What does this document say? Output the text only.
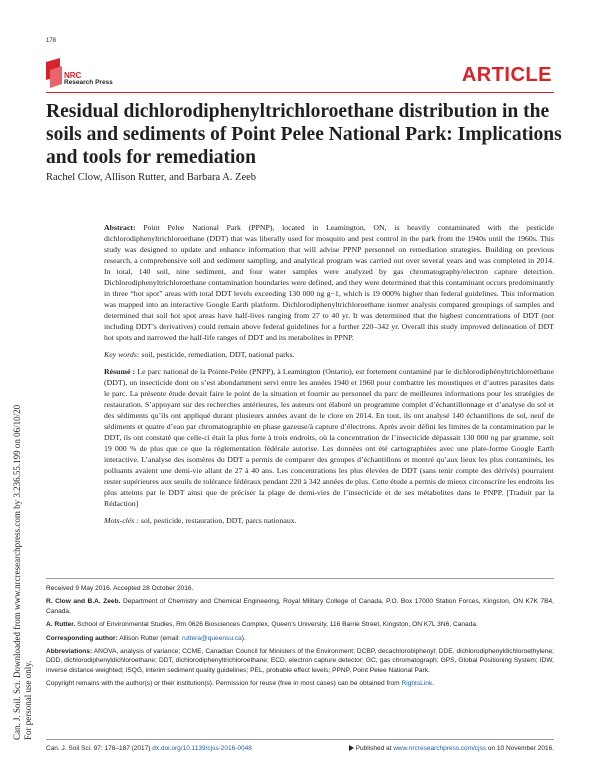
178
NRC
Research Press	ARTICLE
Residual dichlorodiphenyltrichloroethane distribution in the soils and sediments of Point Pelee National Park: Implications and tools for remediation
Rachel Clow, Allison Rutter, and Barbara A. Zeeb
Can. J. Soil. Sci. Downloaded from www.nrcresearchpress.com by 3.236.55.199 on 06/10/20 For personal use only.

Abstract: Point Pelee National Park (PPNP), located in Leamington, ON, is heavily contaminated with the pesticide dichlorodiphenyltrichloroethane (DDT) that was liberally used for mosquito and pest control in the park from the 1940s until the 1960s. This study was designed to update and enhance information that will advise PPNP personnel on remediation strategies. Building on previous research, a comprehensive soil and sediment sampling, and analytical program was carried out over several years and was completed in 2014. In total, 140 soil, nine sediment, and four water samples were analyzed by gas chromatography/electron capture detection. Dichlorodiphenyltrichloroethane contamination boundaries were defined, and they were determined that this contaminant occurs predominantly in three “hot spot” areas with total DDT levels exceeding 130 000 ng g−1, which is 19 000% higher than federal guidelines. This information was mapped into an interactive Google Earth platform. Dichlorodiphenyltrichloroethane isomer analysis compared groupings of samples and determined that soil hot spot areas have half-lives ranging from 27 to 40 yr. It was determined that the highest concentrations of DDT (not including DDT’s derivatives) could remain above federal guidelines for a further 220–342 yr. Overall this study improved delineation of DDT hot spots and narrowed the half-life ranges of DDT and its metabolites in PPNP.

Key words: soil, pesticide, remediation, DDT, national parks.

Résumé : Le parc national de la Pointe-Pelée (PNPP), à Leamington (Ontario), est fortement contaminé par le dichlorodiphényltrichloroéthane (DDT), un insecticide dont on s’est abondamment servi entre les années 1940 et 1960 pour combattre les moustiques et d’autres parasites dans le parc. La présente étude devait faire le point de la situation et fournir au personnel du parc de meilleures informations pour les stratégies de restauration. S’appuyant sur des recherches antérieures, les auteurs ont élaboré un programme complet d’échantillonnage et d’analyse du sol et des sédiments qu’ils ont appliqué durant plusieurs années avant de le clore en 2014. En tout, ils ont analysé 140 échantillons de sol, neuf de sédiments et quatre d’eau par chromatographie en phase gazeuse/à capture d’électrons. Après avoir défini les limites de la contamination par le DDT, ils ont constaté que celle-ci était la plus forte à trois endroits, où la concentration de l’insecticide dépassait 130 000 ng par gramme, soit 19 000 % de plus que ce que la réglementation fédérale autorise. Les données ont été cartographiées avec une plate-forme Google Earth interactive. L’analyse des isomères du DDT a permis de comparer des groupes d’échantillons et montré qu’aux lieux les plus contaminés, les polluants avaient une demi-vie allant de 27 à 40 ans. Les concentrations les plus élevées de DDT (sans tenir compte des dérivés) pourraient rester supérieures aux seuils de tolérance fédéraux pendant 220 à 342 années de plus. Cette étude a permis de mieux circonscrire les endroits les plus atteints par le DDT ainsi que de préciser la plage de demi-vies de l’insecticide et de ses métabolites dans le PNPP. [Traduit par la Rédaction]

Mots-clés : sol, pesticide, restauration, DDT, parcs nationaux.

Received 9 May 2016. Accepted 28 October 2016.

R. Clow and B.A. Zeeb. Department of Chemistry and Chemical Engineering, Royal Military College of Canada, P.O. Box 17000 Station Forces, Kingston, ON K7K 7B4, Canada.

A. Rutter. School of Environmental Studies, Rm 0626 Biosciences Complex, Queen’s University, 116 Barrie Street, Kingston, ON K7L 3N6, Canada.

Corresponding author: Allison Rutter (email: rutterа@queensu.ca).

Abbreviations: ANOVA, analysis of variance; CCME, Canadian Council for Ministers of the Environment; DCBP, decachlorobiphenyl; DDE, dichlorodiphenyldichloroethylene; DDD, dichlorodiphenyldichloroethane; DDT, dichlorodiphenyltrichloroethane; ECD, electron capture detector; GC, gas chromatograph; GPS, Global Positioning System; IDW, inverse distance weighted; ISQG, interim sediment quality guidelines; PEL, probable effect levels; PPNP, Point Pelee National Park.

Copyright remains with the author(s) or their institution(s). Permission for reuse (free in most cases) can be obtained from RightsLink.

Can. J. Soil Sci. 97: 178–187 (2017) dx.doi.org/10.1139/cjss-2016-0048	Published at www.nrcresearchpress.com/cjss on 10 November 2016.
